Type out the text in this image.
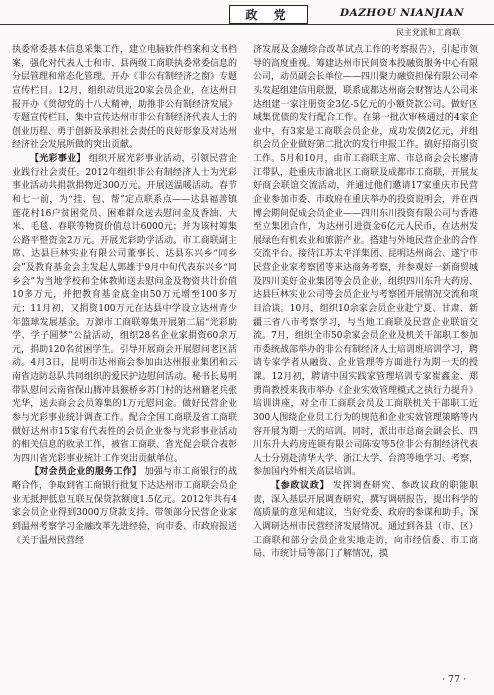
政 党	DAZHOU NIANJIAN
民主党派和工商联

执委常委基本信息采集工作，建立电脑软件档案和文书档案，强化对代表人士和市、县两级工商联执委常委信息的分层管理和常态化管理。开办《非公有制经济之窗》专题宣传栏目。12月，组织动员近20家会员企业，在达州日报开办《贯彻党的十八大精神，助推非公有制经济发展》专题宣传栏目，集中宣传达州市非公有制经济代表人士的创业历程、勇于创新及承担社会责任的良好形象及对达州经济社会发展所做的突出贡献。

【光彩事业】 组织开展光彩事业活动，引领民营企业践行社会责任。2012年组织非公有制经济人士为光彩事业活动共捐款捐物近300万元。开展送温暖活动。春节和七一前，为“挂、包、帮”定点联系点——达县福善镇莲花村16户贫困党员、困难群众送去慰问金及香油、大米、毛毯、春联等物资价值总计6000元；并为该村筹集公路平整资金2万元。开展光彩助学活动。市工商联副主席、达县巨林实业有限公司董事长、达县东兴乡“同乡会”及教育基金会主发起人郭雄于9月中旬代表东兴乡“同乡会”为当地学校和全体教师送去慰问金及物资共计价值10多万元，并把教育基金底金由50万元增至100多万元；11月初，又捐资100万元在达县中学设立达州青少年篮球发展基金。万源市工商联筹集开展第二届“光彩助学、学子圆梦”公益活动，组织28名企业家捐资60余万元，捐助120名贫困学生。引导开展商会开展慰问老区活动。4月3日，昆明市达州商会参加由达州报业集团和云南省边防总队共同组织的爱民护边慰问活动。秘书长易明带队慰问云南省保山腾冲县猴桥乡苏门村的达州籍老兵张光华，送去商会会员筹集的1万元慰问金。做好民营企业参与光彩事业统计调查工作。配合全国工商联及省工商联做好达州市15家有代表性的会员企业参与光彩事业活动的相关信息的收录工作，被省工商联、省光促会联合表彰为四川省光彩事业统计工作突出贡献单位。

【对会员企业的服务工作】 加强与市工商银行的战略合作，争取到省工商银行批复下达达州市工商联会员企业无抵押低息互联互保贷款额度1.5亿元。2012年共有4家会员企业得到3000万贷款支持。带领部分民营企业家到温州考察学习金融改革先进经验，向市委、市政府报送《关于温州民营经

济发展及金融综合改革试点工作的考察报告》，引起市领导的高度重视。筹建达州市民间资本投融资服务中心有限公司，动员副会长单位——四川聚力融资担保有限公司牵头发起组建信用联盟，联系成都达州商会财智达人公司来达组建一家注册资金3亿-5亿元的小额贷款公司。做好区域集优债的发行配合工作。在第一批次审核通过的4家企业中，有3家是工商联会员企业，成功发债2亿元，并组织会员企业做好第二批次的发行申报工作。搞好招商引资工作。5月和10月，由市工商联主席、市总商会会长廖清江带队，赴重庆市渝北区工商联及成都市工商联，开展友好商会联谊交流活动，并通过他们邀请17家重庆市民营企业参加市委、市政府在重庆举办的投资说明会，并在西博会期间促成会员企业——四川东川投资有限公司与香港至立集团合作，为达州引进资金6亿元人民币，在达州发展绿色有机农业和旅游产业。搭建与外地民营企业的合作交流平台。接待江苏太平洋集团、昆明达州商会、遂宁市民营企业家考察团等来达商务考察，并参观好一新商贸城及四川美好金业集团等会员企业，组织四川东升大药房、达县巨林实业公司等会员企业与考察团开展情况交流和项目洽谈。10月，组织10余家会员企业赴宁夏、甘肃、新疆三省八市考察学习，与当地工商联及民营企业联谊交流。7月，组织全市50余家会员企业及机关干部职工参加市委统战部举办的非公有制经济人士培训班培训学习，聘请专家学者从融资、企业管理等方面进行为期一天的授课。12月初，聘请中国实践家管理培训专家崔鑫金、郑勇尚教授来我市举办《企业实效管理模式之执行力提升》培训讲座，对全市工商联会员及工商联机关干部职工近300人围绕企业员工行为的规范和企业实效管理策略等内容开展为期一天的培训。同时，派出市总商会副会长、四川东升大药房连锁有限公司陈安等5位非公有制经济代表人士分别赴清华大学、浙江大学、台湾等地学习、考察，参加国内外相关高层培训。

【参政议政】 发挥调查研究、参政议政的职能职责，深入基层开展调查研究，撰写调研报告，提出科学的高质量的意见和建议，当好党委、政府的参谋和助手。深入调研达州市民营经济发展情况。通过到各县（市、区）工商联和部分会员企业实地走访，向市经信委、市工商局、市统计局等部门了解情况，摸

· 77 ·
